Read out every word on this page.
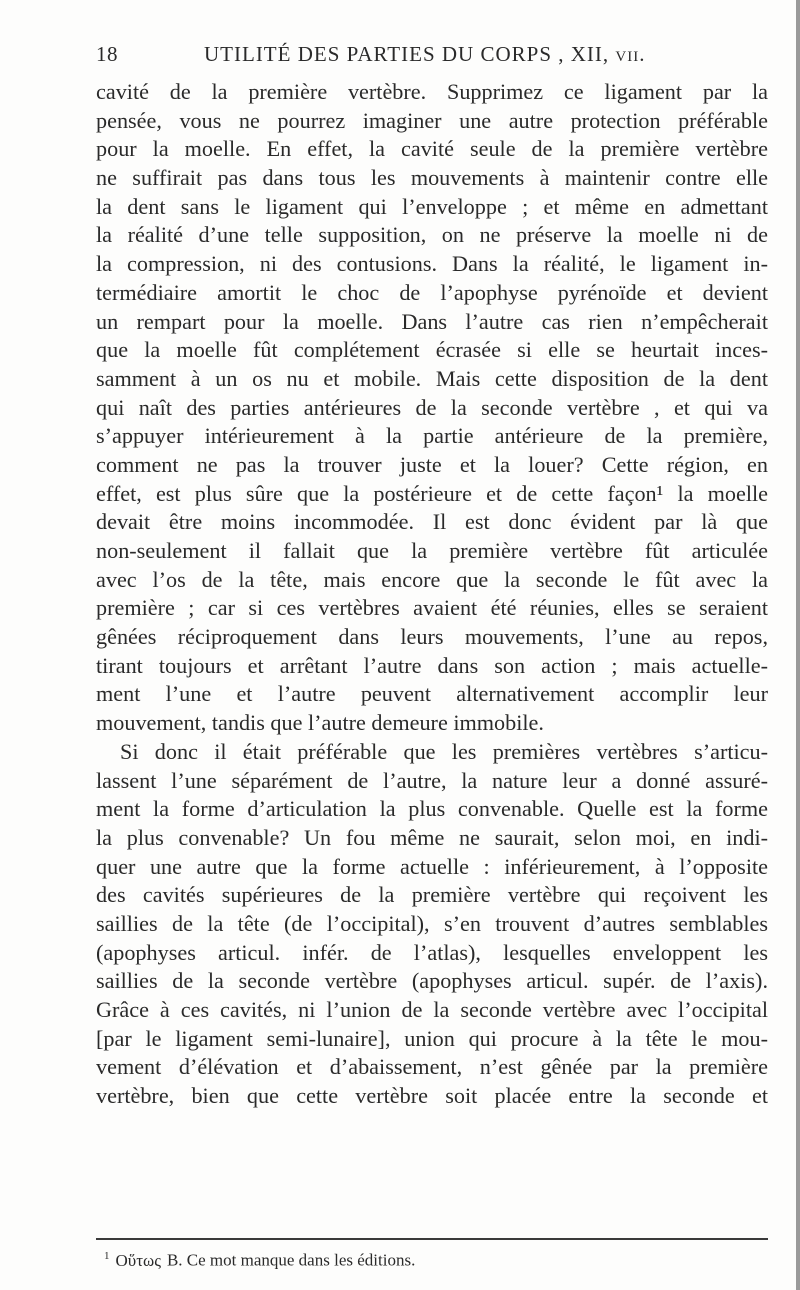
18	UTILITÉ DES PARTIES DU CORPS , XII, vii.
cavité de la première vertèbre. Supprimez ce ligament par la
pensée, vous ne pourrez imaginer une autre protection préférable
pour la moelle. En effet, la cavité seule de la première vertèbre
ne suffirait pas dans tous les mouvements à maintenir contre elle
la dent sans le ligament qui l’enveloppe ; et même en admettant
la réalité d’une telle supposition, on ne préserve la moelle ni de
la compression, ni des contusions. Dans la réalité, le ligament in-
termédiaire amortit le choc de l’apophyse pyrénoïde et devient
un rempart pour la moelle. Dans l’autre cas rien n’empêcherait
que la moelle fût complétement écrasée si elle se heurtait inces-
samment à un os nu et mobile. Mais cette disposition de la dent
qui naît des parties antérieures de la seconde vertèbre , et qui va
s’appuyer intérieurement à la partie antérieure de la première,
comment ne pas la trouver juste et la louer? Cette région, en
effet, est plus sûre que la postérieure et de cette façon¹ la moelle
devait être moins incommodée. Il est donc évident par là que
non-seulement il fallait que la première vertèbre fût articulée
avec l’os de la tête, mais encore que la seconde le fût avec la
première ; car si ces vertèbres avaient été réunies, elles se seraient
gênées réciproquement dans leurs mouvements, l’une au repos,
tirant toujours et arrêtant l’autre dans son action ; mais actuelle-
ment l’une et l’autre peuvent alternativement accomplir leur
mouvement, tandis que l’autre demeure immobile.
Si donc il était préférable que les premières vertèbres s’articu-
lassent l’une séparément de l’autre, la nature leur a donné assuré-
ment la forme d’articulation la plus convenable. Quelle est la forme
la plus convenable? Un fou même ne saurait, selon moi, en indi-
quer une autre que la forme actuelle : inférieurement, à l’opposite
des cavités supérieures de la première vertèbre qui reçoivent les
saillies de la tête (de l’occipital), s’en trouvent d’autres semblables
(apophyses articul. infér. de l’atlas), lesquelles enveloppent les
saillies de la seconde vertèbre (apophyses articul. supér. de l’axis).
Grâce à ces cavités, ni l’union de la seconde vertèbre avec l’occipital
[par le ligament semi-lunaire], union qui procure à la tête le mou-
vement d’élévation et d’abaissement, n’est gênée par la première
vertèbre, bien que cette vertèbre soit placée entre la seconde et
$^1$ Οὕτως B. Ce mot manque dans les éditions.
